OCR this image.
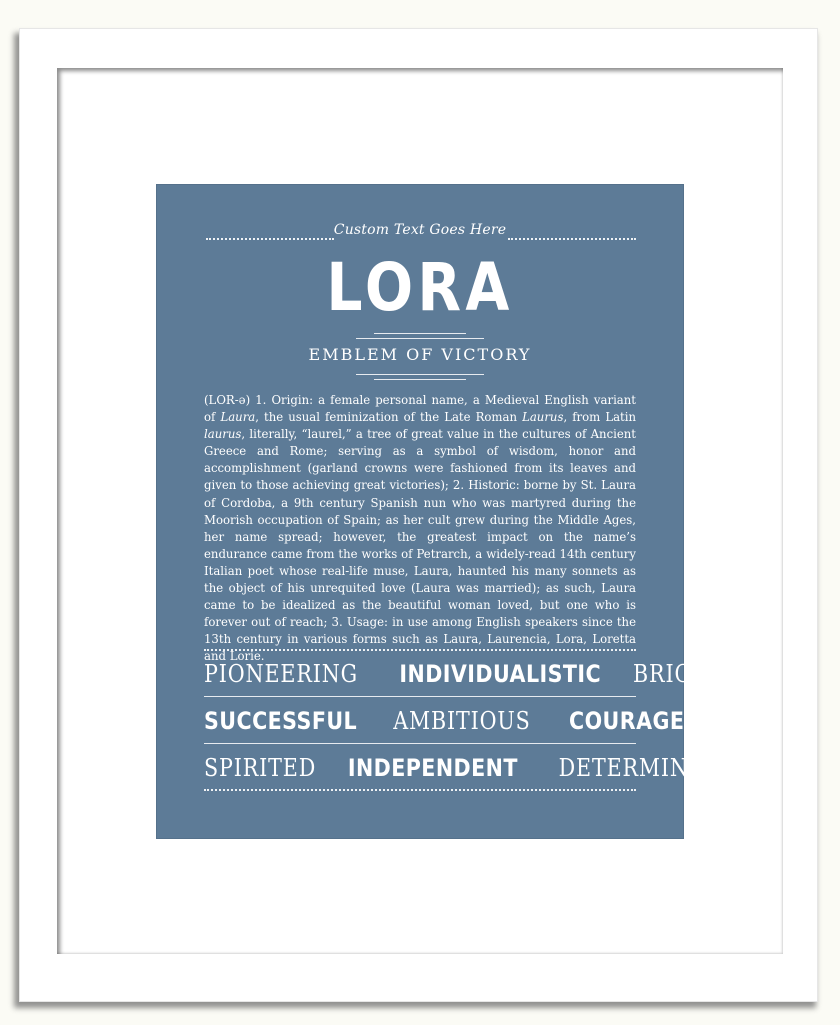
Custom Text Goes Here
LORA
EMBLEM OF VICTORY

(LOR-ə) 1. Origin: a female personal name, a Medieval English variant of Laura, the usual feminization of the Late Roman Laurus, from Latin laurus, literally, “laurel,” a tree of great value in the cultures of Ancient Greece and Rome; serving as a symbol of wisdom, honor and accomplishment (garland crowns were fashioned from its leaves and given to those achieving great victories); 2. Historic: borne by St. Laura of Cordoba, a 9th century Spanish nun who was martyred during the Moorish occupation of Spain; as her cult grew during the Middle Ages, her name spread; however, the greatest impact on the name’s endurance came from the works of Petrarch, a widely-read 14th century Italian poet whose real-life muse, Laura, haunted his many sonnets as the object of his unrequited love (Laura was married); as such, Laura came to be idealized as the beautiful woman loved, but one who is forever out of reach; 3. Usage: in use among English speakers since the 13th century in various forms such as Laura, Laurencia, Lora, Loretta and Lorie.

PIONEERING INDIVIDUALISTIC BRIGHT
SUCCESSFUL AMBITIOUS COURAGEOUS
SPIRITED INDEPENDENT DETERMINED
